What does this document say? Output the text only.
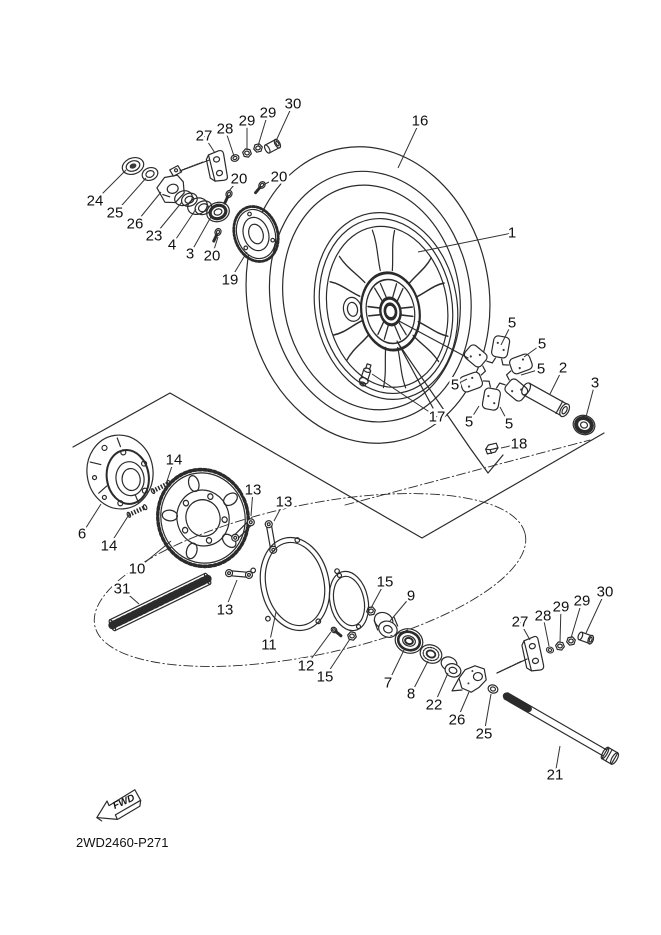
FWD
2WD2460-P271
16
1
27 28 29 29
30
24
25
26
23
4
3 20
19
20 20
5
5
5
5
5 5
2
3
17
18
6
14
14
10
31
13
13
13
11
12
15
15
9
7
8
22
26
25
27 28
29 29
30
21
